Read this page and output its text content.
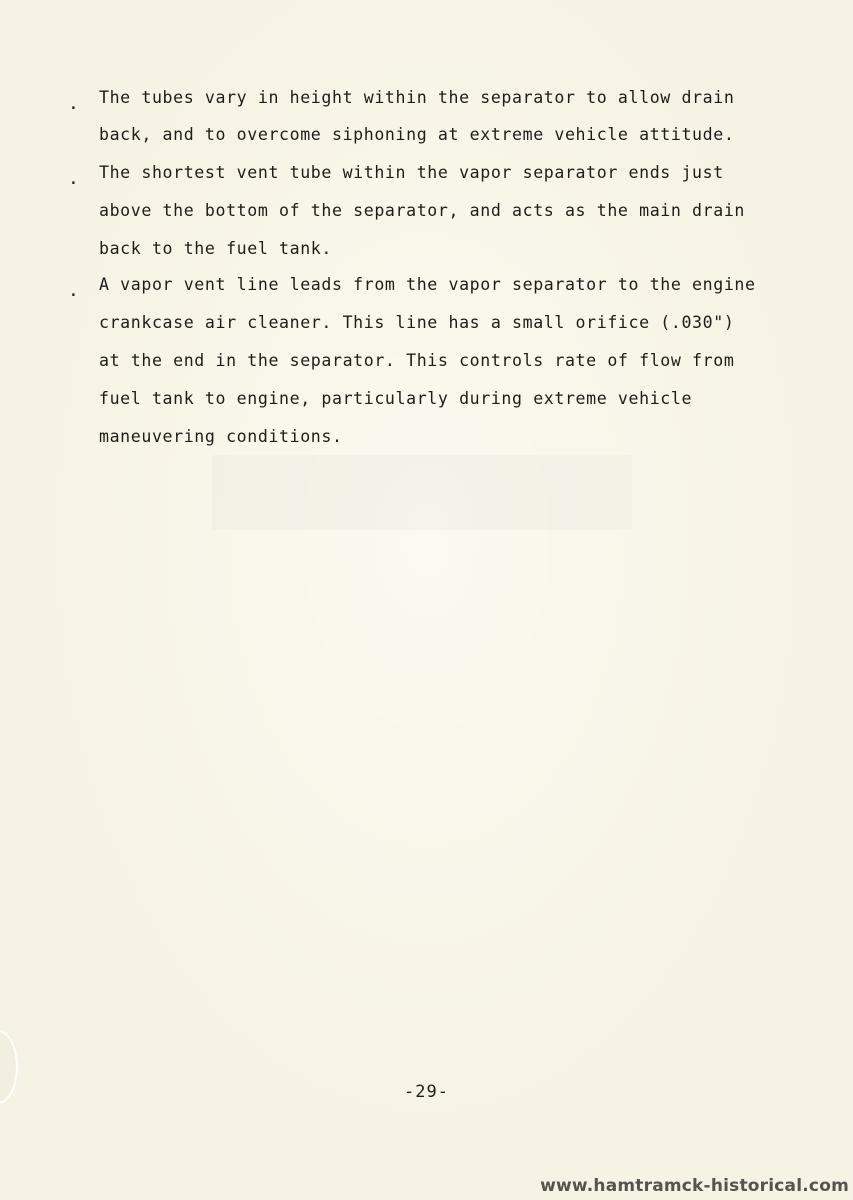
. The tubes vary in height within the separator to allow drain
back, and to overcome siphoning at extreme vehicle attitude.
. The shortest vent tube within the vapor separator ends just
above the bottom of the separator, and acts as the main drain
back to the fuel tank.
. A vapor vent line leads from the vapor separator to the engine
crankcase air cleaner. This line has a small orifice (.030")
at the end in the separator. This controls rate of flow from
fuel tank to engine, particularly during extreme vehicle
maneuvering conditions.
-29-
www.hamtramck-historical.com
